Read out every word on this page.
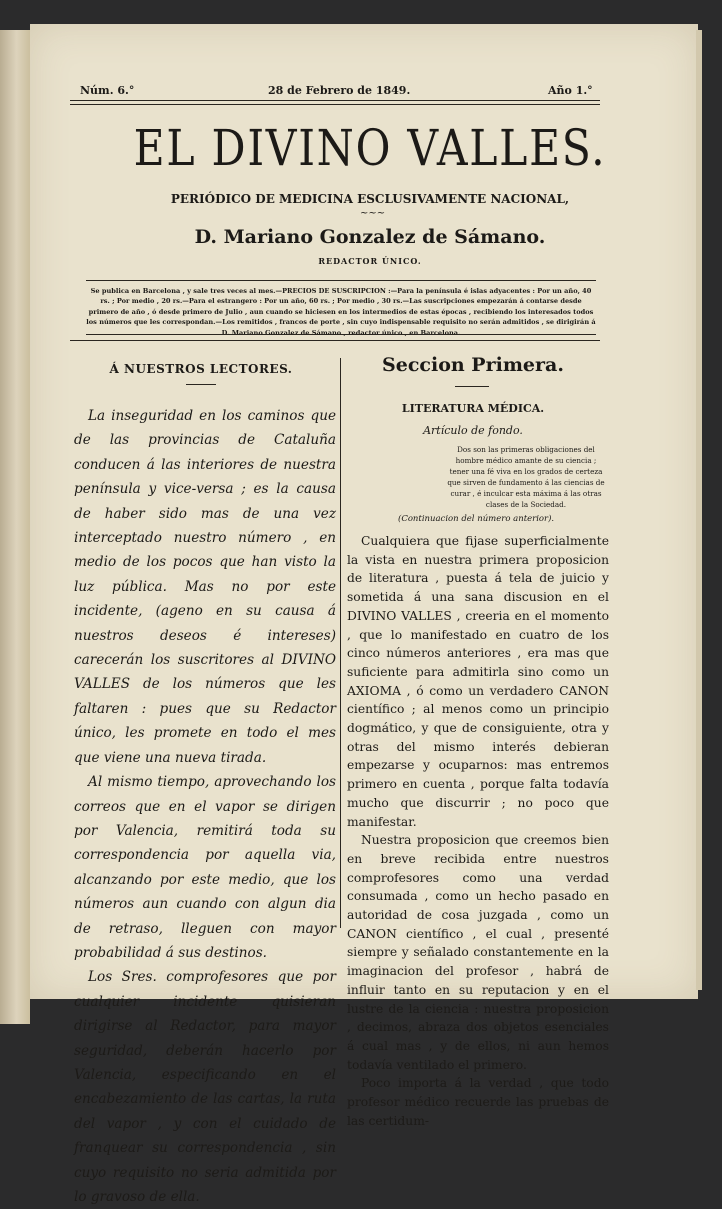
Núm. 6.°	28 de Febrero de 1849.	Año 1.°
EL DIVINO VALLES.
PERIÓDICO DE MEDICINA ESCLUSIVAMENTE NACIONAL,
~~~
D. Mariano Gonzalez de Sámano.
REDACTOR ÚNICO.
Se publica en Barcelona , y sale tres veces al mes.—PRECIOS DE SUSCRIPCION :—Para la península é islas adyacentes : Por un año, 40 rs. ; Por medio , 20 rs.—Para el estrangero : Por un año, 60 rs. ; Por medio , 30 rs.—Las suscripciones empezarán á contarse desde primero de año , ó desde primero de Julio , aun cuando se hiciesen en los intermedios de estas épocas , recibiendo los interesados todos los números que les correspondan.—Los remitidos , francos de porte , sin cuyo indispensable requisito no serán admitidos , se dirigirán á D. Mariano Gonzalez de Sámano , redactor único , en Barcelona.
Á NUESTROS LECTORES.

La inseguridad en los caminos que de las provincias de Cataluña conducen á las interiores de nuestra península y vice-versa ; es la causa de haber sido mas de una vez interceptado nuestro número , en medio de los pocos que han visto la luz pública. Mas no por este incidente, (ageno en su causa á nuestros deseos é intereses) carecerán los suscritores al DIVINO VALLES de los números que les faltaren : pues que su Redactor único, les promete en todo el mes que viene una nueva tirada.

Al mismo tiempo, aprovechando los correos que en el vapor se dirigen por Valencia, remitirá toda su correspondencia por aquella via, alcanzando por este medio, que los números aun cuando con algun dia de retraso, lleguen con mayor probabilidad á sus destinos.

Los Sres. comprofesores que por cualquier incidente quisieran dirigirse al Redactor, para mayor seguridad, deberán hacerlo por Valencia, especificando en el encabezamiento de las cartas, la ruta del vapor , y con el cuidado de franquear su correspondencia , sin cuyo requisito no seria admitida por lo gravoso de ella.

Seccion Primera.
LITERATURA MÉDICA.
Artículo de fondo.
Dos son las primeras obligaciones del hombre médico amante de su ciencia ; tener una fé viva en los grados de certeza que sirven de fundamento á las ciencias de curar , é inculcar esta máxima á las otras clases de la Sociedad.
(Continuacion del número anterior).

Cualquiera que fijase superficialmente la vista en nuestra primera proposicion de literatura , puesta á tela de juicio y sometida á una sana discusion en el DIVINO VALLES , creeria en el momento , que lo manifestado en cuatro de los cinco números anteriores , era mas que suficiente para admitirla sino como un AXIOMA , ó como un verdadero CANON científico ; al menos como un principio dogmático, y que de consiguiente, otra y otras del mismo interés debieran empezarse y ocuparnos: mas entremos primero en cuenta , porque falta todavía mucho que discurrir ; no poco que manifestar.

Nuestra proposicion que creemos bien en breve recibida entre nuestros comprofesores como una verdad consumada , como un hecho pasado en autoridad de cosa juzgada , como un CANON científico , el cual , presenté siempre y señalado constantemente en la imaginacion del profesor , habrá de influir tanto en su reputacion y en el lustre de la ciencia : nuestra proposicion , decimos, abraza dos objetos esenciales á cual mas , y de ellos, ni aun hemos todavía ventilado el primero.

Poco importa á la verdad , que todo profesor médico recuerde las pruebas de las certidum-
